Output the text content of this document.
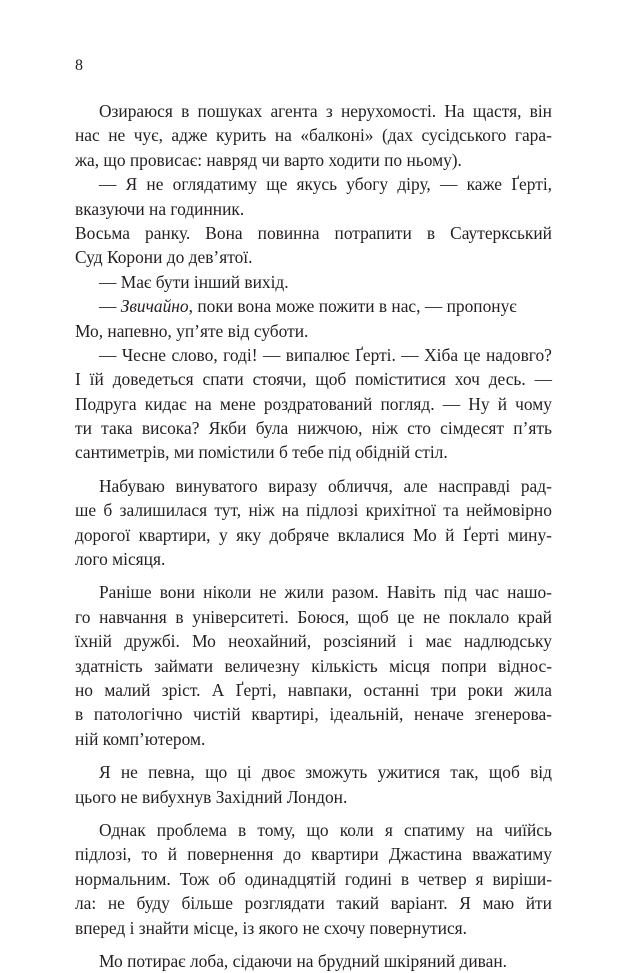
8
Озираюся в пошуках агента з нерухомості. На щастя, він
нас не чує, адже курить на «балконі» (дах сусідського гара-
жа, що провисає: навряд чи варто ходити по ньому).
— Я не оглядатиму ще якусь убогу діру, — каже Ґерті,
вказуючи на годинник.
Восьма ранку. Вона повинна потрапити в Саутеркський
Суд Корони до дев’ятої.
— Має бути інший вихід.
— Звичайно, поки вона може пожити в нас, — пропонує
Мо, напевно, уп’яте від суботи.
— Чесне слово, годі! — випалює Ґерті. — Хіба це надовго?
І їй доведеться спати стоячи, щоб поміститися хоч десь. —
Подруга кидає на мене роздратований погляд. — Ну й чому
ти така висока? Якби була нижчою, ніж сто сімдесят п’ять
сантиметрів, ми помістили б тебе під обідній стіл.
Набуваю винуватого виразу обличчя, але насправді рад-
ше б залишилася тут, ніж на підлозі крихітної та неймовірно
дорогої квартири, у яку добряче вклалися Мо й Ґерті мину-
лого місяця.
Раніше вони ніколи не жили разом. Навіть під час нашо-
го навчання в університеті. Боюся, щоб це не поклало край
їхній дружбі. Мо неохайний, розсіяний і має надлюдську
здатність займати величезну кількість місця попри віднос-
но малий зріст. А Ґерті, навпаки, останні три роки жила
в патологічно чистій квартирі, ідеальній, неначе згенерова-
ній комп’ютером.
Я не певна, що ці двоє зможуть ужитися так, щоб від
цього не вибухнув Західний Лондон.
Однак проблема в тому, що коли я спатиму на чиїйсь
підлозі, то й повернення до квартири Джастина вважатиму
нормальним. Тож об одинадцятій годині в четвер я виріши-
ла: не буду більше розглядати такий варіант. Я маю йти
вперед і знайти місце, із якого не схочу повернутися.
Мо потирає лоба, сідаючи на брудний шкіряний диван.
